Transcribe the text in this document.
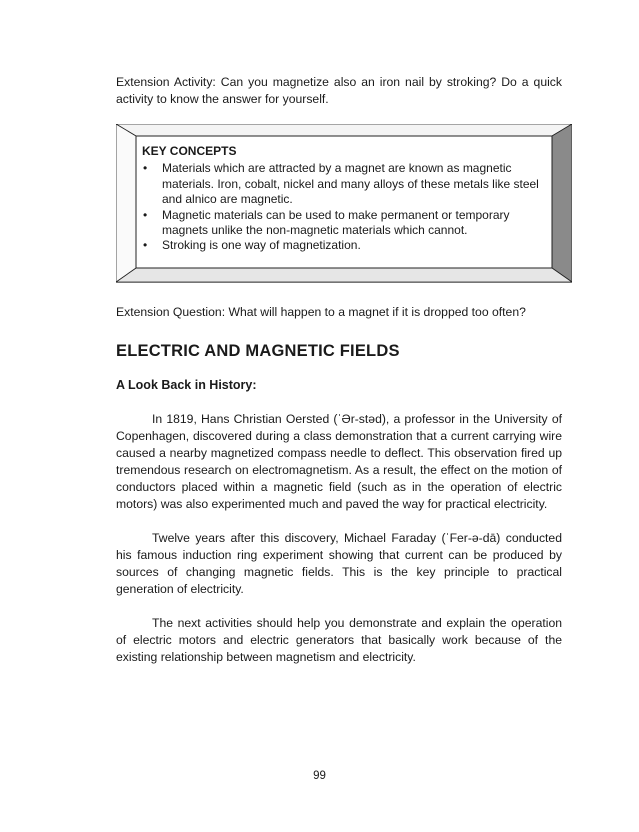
Extension Activity: Can you magnetize also an iron nail by stroking? Do a quick activity to know the answer for yourself.

KEY CONCEPTS
• Materials which are attracted by a magnet are known as magnetic materials. Iron, cobalt, nickel and many alloys of these metals like steel and alnico are magnetic.
• Magnetic materials can be used to make permanent or temporary magnets unlike the non-magnetic materials which cannot.
• Stroking is one way of magnetization.

Extension Question: What will happen to a magnet if it is dropped too often?

ELECTRIC AND MAGNETIC FIELDS
A Look Back in History:

In 1819, Hans Christian Oersted (ˈƏr-stəd), a professor in the University of Copenhagen, discovered during a class demonstration that a current carrying wire caused a nearby magnetized compass needle to deflect. This observation fired up tremendous research on electromagnetism. As a result, the effect on the motion of conductors placed within a magnetic field (such as in the operation of electric motors) was also experimented much and paved the way for practical electricity.

Twelve years after this discovery, Michael Faraday (ˈFer-ə-dā) conducted his famous induction ring experiment showing that current can be produced by sources of changing magnetic fields. This is the key principle to practical generation of electricity.

The next activities should help you demonstrate and explain the operation of electric motors and electric generators that basically work because of the existing relationship between magnetism and electricity.

99
